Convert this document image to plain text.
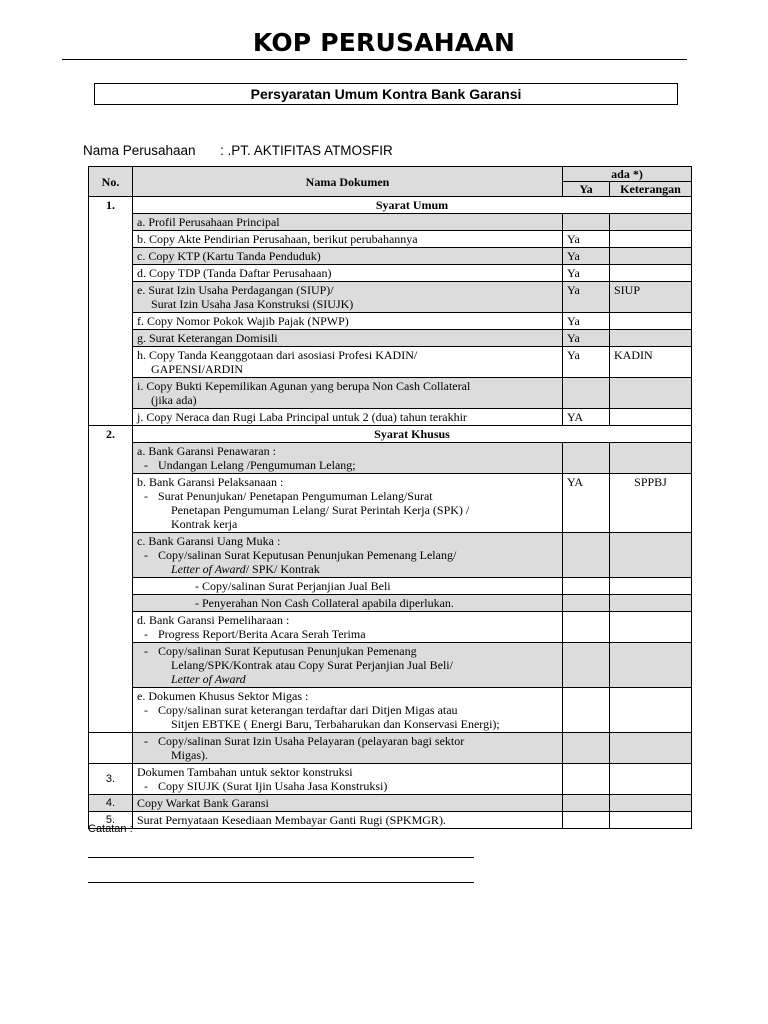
KOP PERUSAHAAN
Persyaratan Umum Kontra Bank Garansi
Nama Perusahaan : .PT. AKTIFITAS ATMOSFIR
No.	Nama Dokumen	ada *)	
		Ya	Keterangan
1.	Syarat Umum		
	a. Profil Perusahaan Principal		
	b. Copy Akte Pendirian Perusahaan, berikut perubahannya	Ya	
	c. Copy KTP (Kartu Tanda Penduduk)	Ya	
	d. Copy TDP (Tanda Daftar Perusahaan)	Ya	

	e. Surat Izin Usaha Perdagangan (SIUP)/
Surat Izin Usaha Jasa Konstruksi (SIUJK)	Ya	SIUP
	f. Copy Nomor Pokok Wajib Pajak (NPWP)	Ya	
	g. Surat Keterangan Domisili	Ya	

	h. Copy Tanda Keanggotaan dari asosiasi Profesi KADIN/
GAPENSI/ARDIN	Ya	KADIN

	i. Copy Bukti Kepemilikan Agunan yang berupa Non Cash Collateral
(jika ada)		

	j. Copy Neraca dan Rugi Laba Principal untuk 2 (dua) tahun terakhir	YA	
2.	Syarat Khusus		

	a. Bank Garansi Penawaran :
- Undangan Lelang /Pengumuman Lelang;		

	b. Bank Garansi Pelaksanaan :
- Surat Penunjukan/ Penetapan Pengumuman Lelang/Surat
Penetapan Pengumuman Lelang/ Surat Perintah Kerja (SPK) /
Kontrak kerja	YA	SPPBJ

	c. Bank Garansi Uang Muka :
- Copy/salinan Surat Keputusan Penunjukan Pemenang Lelang/
Letter of Award/ SPK/ Kontrak		

	- Copy/salinan Surat Perjanjian Jual Beli		
	- Penyerahan Non Cash Collateral apabila diperlukan.		

	d. Bank Garansi Pemeliharaan :
- Progress Report/Berita Acara Serah Terima		

	- Copy/salinan Surat Keputusan Penunjukan Pemenang
Lelang/SPK/Kontrak atau Copy Surat Perjanjian Jual Beli/
Letter of Award		

	e. Dokumen Khusus Sektor Migas :
- Copy/salinan surat keterangan terdaftar dari Ditjen Migas atau
Sitjen EBTKE ( Energi Baru, Terbaharukan dan Konservasi Energi);		

	- Copy/salinan Surat Izin Usaha Pelayaran (pelayaran bagi sektor
Migas).		

3.	Dokumen Tambahan untuk sektor konstruksi
- Copy SIUJK (Surat Ijin Usaha Jasa Konstruksi)		

4.	Copy Warkat Bank Garansi		
5.	Surat Pernyataan Kesediaan Membayar Ganti Rugi (SPKMGR).		
Catatan :
